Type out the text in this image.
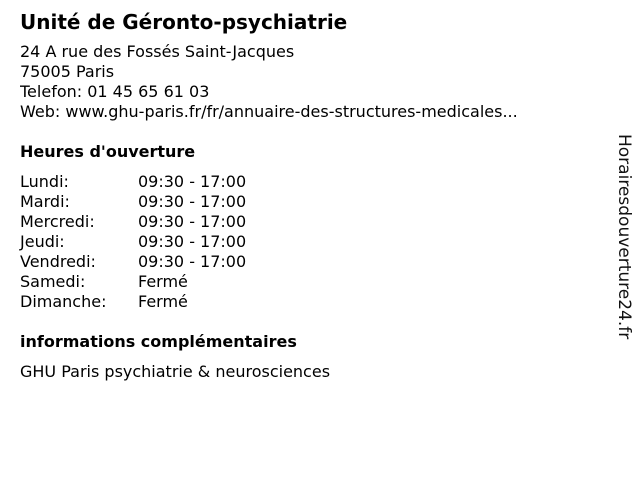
Unité de Géronto-psychiatrie
24 A rue des Fossés Saint-Jacques
75005 Paris
Telefon: 01 45 65 61 03
Web: www.ghu-paris.fr/fr/annuaire-des-structures-medicales...
Heures d'ouverture
Lundi:	09:30 - 17:00
Mardi:	09:30 - 17:00
Mercredi:	09:30 - 17:00
Jeudi:	09:30 - 17:00
Vendredi:	09:30 - 17:00
Samedi:	Fermé
Dimanche:	Fermé
informations complémentaires
GHU Paris psychiatrie & neurosciences
Horairesdouverture24.fr
